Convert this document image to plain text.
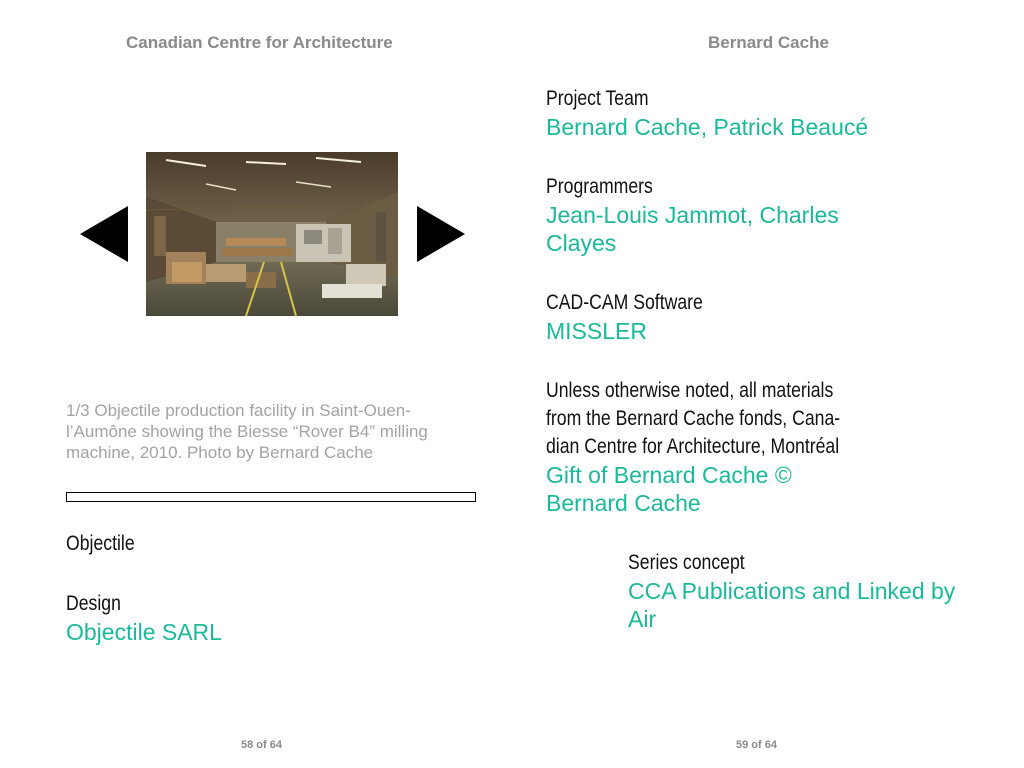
Canadian Centre for Architecture	Bernard Cache
1/3 Objectile production facility in Saint-Ouen-l’Aumône showing the Biesse “Rover B4” milling machine, 2010. Photo by Bernard Cache
Objectile
Design
Objectile SARL
Project Team
Bernard Cache, Patrick Beaucé
Programmers
Jean-Louis Jammot, Charles
Clayes
CAD-CAM Software
MISSLER
Unless otherwise noted, all materials
from the Bernard Cache fonds, Cana-
dian Centre for Architecture, Montréal
Gift of Bernard Cache ©
Bernard Cache
Series concept
CCA Publications and Linked by
Air
58 of 64	59 of 64
